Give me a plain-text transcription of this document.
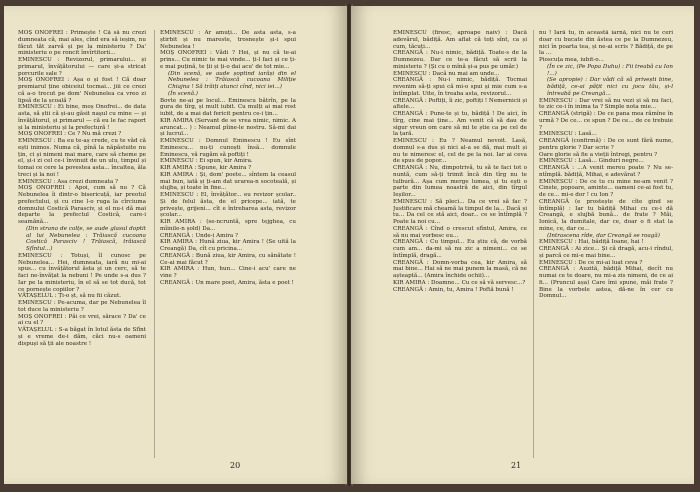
MOȘ ONOFREI : Primește ! Că să nu crezi dumneata că, mai ales, cînd era să ieșim, nu făcut tăt zarvă și pe la ministeriu ? Da' ministeriu o pe roncit învîrtitorii...

EMINESCU : Revizorul, primarului... și primarul, învățătorului — care și-a stricat porcurile sale ?

MOȘ ONOFREI : Așa o și fost ! Că doar premiarul ține obiceiul tocmai... jiii ce crezi că a-o trecut pe dom' Nebunelea ca vreo zi lipsă de la școală ?

EMINESCU : Ei bine, moș Onofrei... de data asta, să știi că și-au găsit naşul cu mine — și învățătorul, și primarul — că eu le fac raport și la ministeriu și la prefectură !

MOȘ ONOFREI : Ce ? Nu mă crezi ?

EMINESCU : Ba eu te-aș crede, cu te văd că ești inimos. Numa că, pînă la năpăstuite nu țin, ci și nimeni mai mare, care să cheme pe el, și-i zi cel ce-i învinuit de un ulu, timpul și tomai ce cere la povestea asta... încaltea, ăla treci și la noi !

EMINESCU : Asa crezi dumneata ?

MOȘ ONOFREI : Apoi, cum să nu ? Că Nebunelea îi dintr-o bisericuță, iar preotul prefectului, și cu cine l-o ruga la cîrciuma domnului Costică Parasciv, și el nu-i dă mai departe la prefectul Costică, care-i seamănă...

(Din strana de colțe, se aude glasul doptit al lui Nebunelea : Trăiască cucoana Costică Parasciv ! Trăiască, trăiască Sfîntul...)

EMINESCU : Totuși, îl cunosc pe Nebunelea... Hei, dumneata, iară nu mi-ai spus... cu învățătorul ăsta și un cerc, să te faci ne-învățat la nebuni ! Pe unde s-a dus ? Iar pe la ministeriu, în el să se tot ducă, tot ce pornește copiilor ?

VĂTAȘELUL : Ți-o șt, să nu fii căzut.

EMINESCU : Pe-acuma, dar pe Nebunelea îl tot duce la ministeriu ?

MOȘ ONOFREI : Păi ce vrei, sărace ? Da' ce ai cu el ?

VĂTAȘELUL : S-a băgat în lotul ăsta de Sfînt și e vreme de-i dăm, căci nu-s oameni dispuși să ții ale noastre !

EMINESCU : Ar amuți... De asta asta, s-a știrbit și nu mareste, trosnește și-i spui Nebunelea !

MOȘ ONOFREI : Vădi ? Hei, și nu că te-ai prins... Cu nimic te mai vinde... ți-l faci și ce ți-e mai puțină, te ții și ți-o dai acu' de tot mie...

(Din scenă, se aude șoptind iarăși din el Nebunelea : Trăiască cucoana Miliție Chiajna ! Să trăiți atunci cînd, nici iei...)

(În scenă.)

Bovte ne-ai pe locul... Eminescu bătrîn, pe la gura de tîrg, și mult iubit. Cu mulți ai mai rost iubit, de a mai dat fericit pentru ce-i țin...

KIR AMIRA (Servant de se vrea nimic, nimic. A aruncat... ) : Neamul pîine-le nostru. Să-mi dai și lucrul...

EMINESCU : Domnul Eminescu ! Eu sînt Eminescu... nu-ți cunoști însă... domnule Eminescu, vă rugăm să poftiți !

EMINESCU : Ei spun, kir Amira.

KIR AMIRA : Spune, kir Amira ?

KIR AMIRA : Și, dom' poete... sîntem la ceasul mai bun, iată și ți-am dat urarea-n socoteală, și slujba, și toate în fine...

EMINESCU : El, învățător... eu revizor școlar.. Și de felul ăsta, de el pricepe... iată, te privește, grijeni... cît e întrebarea asta, revizor școlar...

KIR AMIRA : (se-ncruntă, spre tejghea, cu mîinile-n șold) Da...

CREANGĂ : Unde-i Amira ?

KIR AMIRA : Hună ziua, kir Amira ! (Se uită la Creangă) Da, cît cu pricina...

CREANGĂ : Bună ziua, kir Amira, cu sănătate ! Ce-ai mai făcut ?

KIR AMIRA : Hun, hun... Cine-i acu' care ne vine ?

CREANGĂ : Un mare poet, Amira, ăsta e poet !

20

EMINESCU (firesc, aproape naiv) : Dacă adevărul, bădiță. Am aflat că toți sînt, ca și cum, tăcuți...

CREANGĂ : Nu-i nimic, bădiță. Toate-s de la Dumnezeu. Dar ce te-a făcut să scrii la ministeriu ? (Și cu o mînă și-a pus pe umăr.)

EMINESCU : Dacă nu mai am unde...

CREANGĂ : Nu-i nimic, bădiță. Tocmai revenim să-ți spui că mi-o spui și mie cum s-a întîmplat. Uite, în treaba asta, revizorul...

CREANGĂ : Poftiți, îi zic, poftiți ! Nemernicii și altele...

CREANGĂ : Pune-te și tu, bădiță ! De aici, în tîrg, cine mai ține... Am venit că să dau de sigur vreun om care să mi te știe ca pe cel de la țară.

EMINESCU : Eu ? Neamul nevoit. Lasă, domnul s-a dus și nici al-a se dă, mai mult și nu te nimeresc el, cel de pe la noi. Iar ai ceva de spus de popor...

CREANGĂ : Nu, dimpotrivă, tu să te faci tot o nuntă, cum să-ți trimit încă din tîrg nu te tulbură... Așa cum merge lumea, și tu ești o parte din lumea noastră de aici, din tîrgul Ieșilor...

EMINESCU : Să pleci... Da ce vrei să fac ? Justificare mă cheamă la timpul de la... Dacă și tu... Da cel ce stă aici, doar... ce se întîmplă ? Poate la noi cu...

CREANGĂ : Cînd o crescut sfîntul, Amira, ce să nu mai vorbesc eu...

CREANGĂ : Cu timpul... Eu știu că, de vorbă cum am... da-mi să nu zic a nimeni... ce se întîmplă, dragă...

CREANGĂ : Domn-vorba cea, kir Amira, să mai bine... Hai să ne mai punem la masă, că ne așteaptă... (Amira închide ochii)...

KIR AMIRA : Doamne... Cu ce să vă servesc...?

CREANGĂ : Amin, tu, Amira ! Poftă bună !

nu ! Iară tu, în această iarnă, nici nu te ceri doar cu bucate din ăstea ce pe la Dumnezeu, nici în poarta tea, și ne-ai scris ? Bădiță, de pe la ...

Pioscuța mea, iubit-o...

(În ce zic, (Pe Popa Duhu) : Fii treabă cu Ion !...)

(Se apropie) : Dar vădi că să privești bine, bădiță, ce-ai pățit nici cu jocu tău, și-l întreabă pe Creangă...

EMINESCU : Dar vrei să nu vezi și să nu faci, te zic ce-i în inima ta ? Simple nota mie...

CREANGĂ (strigă) : De ce pana mea rămîne în urmă ? De ce... ce spun ? De ce... de ce trebuie ?

EMINESCU : Lasă...

CREANGĂ (confirmă) : De ce sunt fără nume, pentru glorie ? Dar scrie ?

Oare glorie să fie a vieții întregi, pentru ?

EMINESCU : Lasă... Ginduri negre...

CREANGĂ : ...A venit mereu poate ? Nu se-ntîmplă. bădiță, Mihai, e adevărat ?

EMINESCU : De ce tu cu mine ne-am venit ? Cinste, popoare, aminte... oameni ce-ai fost tu, de ce... mi-e dor ! cu Ion ?

CREANGĂ (e prostește de cîte gind se întîmplă) : Iar tu bădiță Mihai cu ce-i dă Creangă, e slujbă bună... de frate ? Măi, Ionică, la dumitale, dar ce, doar o fi stat la mine, ce, dar ce...

(Intrascena rîde, dar Creangă se roagă)

EMINESCU : Hai, bădiță Ioane, hai !

CREANGĂ : Ai zice... Și că dragă, acu-i rîndul, și parcă ce mi-e mai bine...

EMINESCU : De ce mi-ai luat ceva ?

CREANGĂ : Auzită, bădiță Mihai, decît nu numai ce te doare, nu mi-a zis nimeni, de ce ai fi... (Pruncul așa) Care îmi spune, măi frate ? Bine la vorbele astea, dă-ne în cer cu Domnul...

21
